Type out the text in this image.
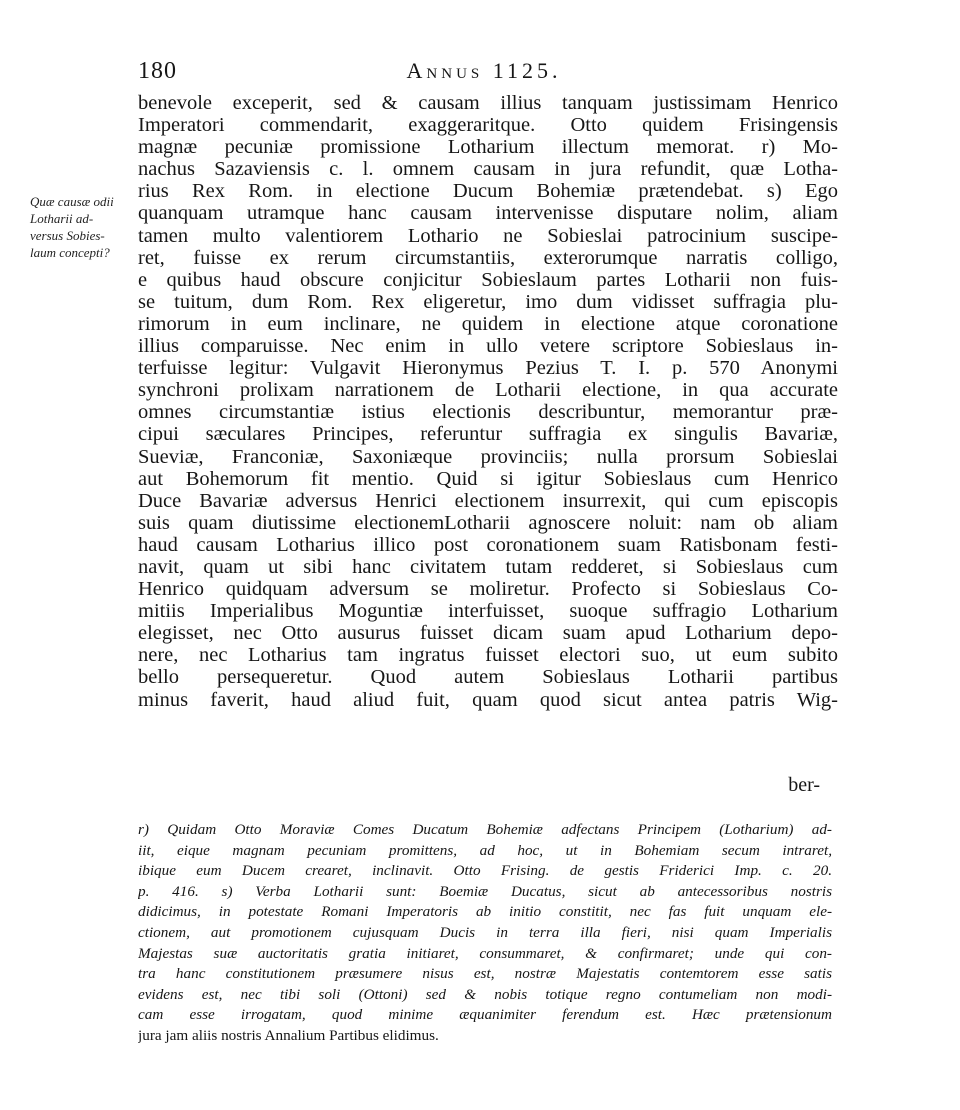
180	Annus 1125.
Quæ causæ odii
Lotharii ad-
versus Sobies-
laum concepti?
benevole exceperit, sed & causam illius tanquam justissimam Henrico
Imperatori commendarit, exaggeraritque. Otto quidem Frisingensis
magnæ pecuniæ promissione Lotharium illectum memorat. r) Mo-
nachus Sazaviensis c. l. omnem causam in jura refundit, quæ Lotha-
rius Rex Rom. in electione Ducum Bohemiæ prætendebat. s) Ego
quanquam utramque hanc causam intervenisse disputare nolim, aliam
tamen multo valentiorem Lothario ne Sobieslai patrocinium suscipe-
ret, fuisse ex rerum circumstantiis, exterorumque narratis colligo,
e quibus haud obscure conjicitur Sobieslaum partes Lotharii non fuis-
se tuitum, dum Rom. Rex eligeretur, imo dum vidisset suffragia plu-
rimorum in eum inclinare, ne quidem in electione atque coronatione
illius comparuisse. Nec enim in ullo vetere scriptore Sobieslaus in-
terfuisse legitur: Vulgavit Hieronymus Pezius T. I. p. 570 Anonymi
synchroni prolixam narrationem de Lotharii electione, in qua accurate
omnes circumstantiæ istius electionis describuntur, memorantur præ-
cipui sæculares Principes, referuntur suffragia ex singulis Bavariæ,
Sueviæ, Franconiæ, Saxoniæque provinciis; nulla prorsum Sobieslai
aut Bohemorum fit mentio. Quid si igitur Sobieslaus cum Henrico
Duce Bavariæ adversus Henrici electionem insurrexit, qui cum episcopis
suis quam diutissime electionemLotharii agnoscere noluit: nam ob aliam
haud causam Lotharius illico post coronationem suam Ratisbonam festi-
navit, quam ut sibi hanc civitatem tutam redderet, si Sobieslaus cum
Henrico quidquam adversum se moliretur. Profecto si Sobieslaus Co-
mitiis Imperialibus Moguntiæ interfuisset, suoque suffragio Lotharium
elegisset, nec Otto ausurus fuisset dicam suam apud Lotharium depo-
nere, nec Lotharius tam ingratus fuisset electori suo, ut eum subito
bello persequeretur. Quod autem Sobieslaus Lotharii partibus
minus faverit, haud aliud fuit, quam quod sicut antea patris Wig-
ber-
r) Quidam Otto Moraviæ Comes Ducatum Bohemiæ adfectans Principem (Lotharium) ad-
iit, eique magnam pecuniam promittens, ad hoc, ut in Bohemiam secum intraret,
ibique eum Ducem crearet, inclinavit. Otto Frising. de gestis Friderici Imp. c. 20.
p. 416. s) Verba Lotharii sunt: Boemiæ Ducatus, sicut ab antecessoribus nostris
didicimus, in potestate Romani Imperatoris ab initio constitit, nec fas fuit unquam ele-
ctionem, aut promotionem cujusquam Ducis in terra illa fieri, nisi quam Imperialis
Majestas suæ auctoritatis gratia initiaret, consummaret, & confirmaret; unde qui con-
tra hanc constitutionem præsumere nisus est, nostræ Majestatis contemtorem esse satis
evidens est, nec tibi soli (Ottoni) sed & nobis totique regno contumeliam non modi-
cam esse irrogatam, quod minime æquanimiter ferendum est. Hæc prætensionum
jura jam aliis nostris Annalium Partibus elidimus.
